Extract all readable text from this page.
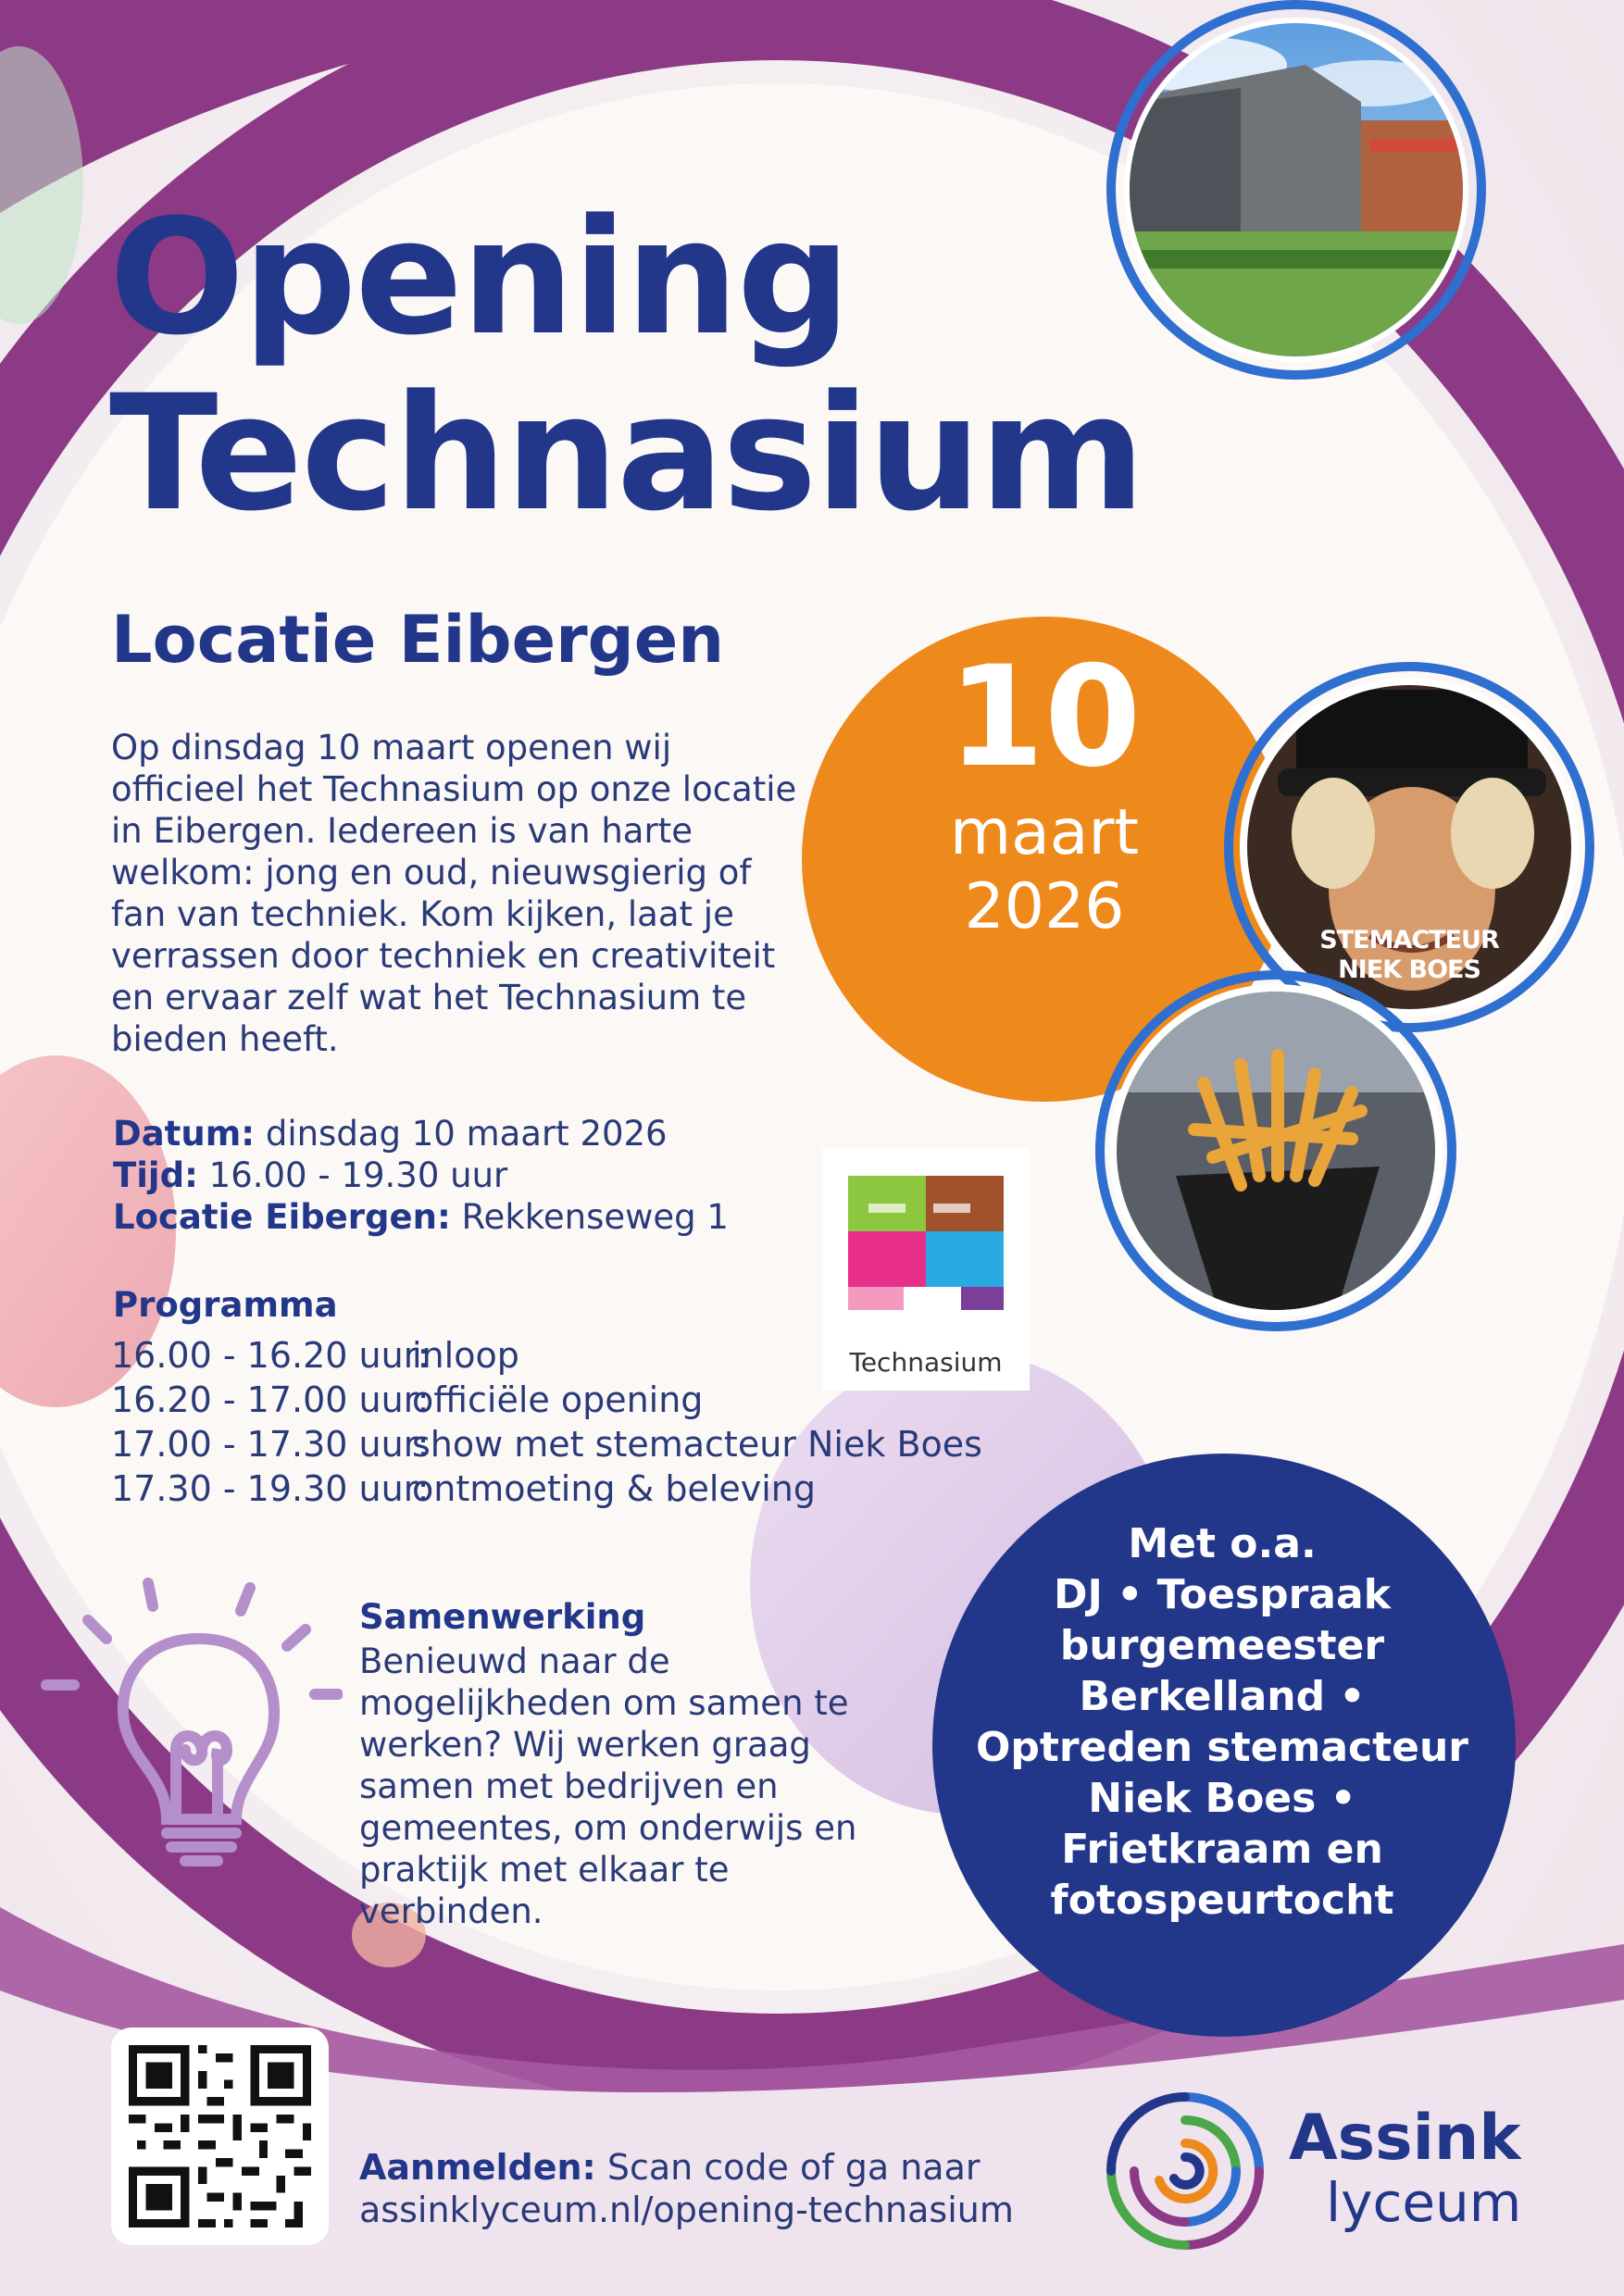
Opening
Technasium
Locatie Eibergen
Op dinsdag 10 maart openen wij officieel het Technasium op onze locatie in Eibergen. Iedereen is van harte welkom: jong en oud, nieuwsgierig of fan van techniek. Kom kijken, laat je verrassen door techniek en creativiteit en ervaar zelf wat het Technasium te bieden heeft.
Datum: dinsdag 10 maart 2026
Tijd: 16.00 - 19.30 uur
Locatie Eibergen: Rekkenseweg 1
Programma
16.00 - 16.20 uur:
inloop
16.20 - 17.00 uur:
officiële opening
17.00 - 17.30 uur:
show met stemacteur Niek Boes
17.30 - 19.30 uur:
ontmoeting & beleving
Samenwerking
Benieuwd naar de mogelijkheden om samen te werken? Wij werken graag samen met bedrijven en gemeentes, om onderwijs en praktijk met elkaar te verbinden.
10
maart
2026	STEMACTEUR
NIEK BOES
Met o.a.
DJ • Toespraak
burgemeester
Berkelland •
Optreden stemacteur
Niek Boes •
Frietkraam en
fotospeurtocht
Technasium
Aanmelden: Scan code of ga naar
assinklyceum.nl/opening-technasium
Assink
lyceum
